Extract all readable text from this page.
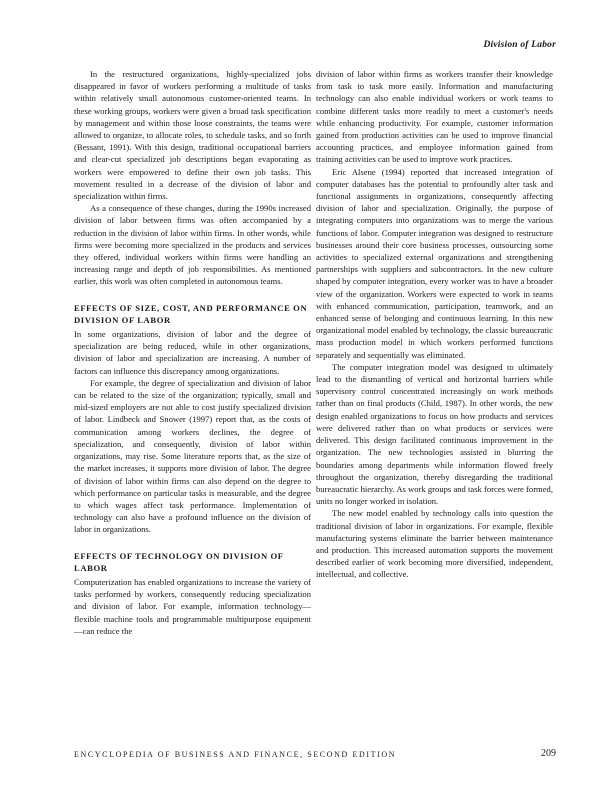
Division of Labor

In the restructured organizations, highly-specialized jobs disappeared in favor of workers performing a multitude of tasks within relatively small autonomous customer-oriented teams. In these working groups, workers were given a broad task specification by management and within those loose constraints, the teams were allowed to organize, to allocate roles, to schedule tasks, and so forth (Bessant, 1991). With this design, traditional occupational barriers and clear-cut specialized job descriptions began evaporating as workers were empowered to define their own job tasks. This movement resulted in a decrease of the division of labor and specialization within firms.

As a consequence of these changes, during the 1990s increased division of labor between firms was often accompanied by a reduction in the division of labor within firms. In other words, while firms were becoming more specialized in the products and services they offered, individual workers within firms were handling an increasing range and depth of job responsibilities. As mentioned earlier, this work was often completed in autonomous teams.

EFFECTS OF SIZE, COST, AND PERFORMANCE ON DIVISION OF LABOR

In some organizations, division of labor and the degree of specialization are being reduced, while in other organizations, division of labor and specialization are increasing. A number of factors can influence this discrepancy among organizations.

For example, the degree of specialization and division of labor can be related to the size of the organization; typically, small and mid-sized employers are not able to cost justify specialized division of labor. Lindbeck and Snower (1997) report that, as the costs of communication among workers declines, the degree of specialization, and consequently, division of labor within organizations, may rise. Some literature reports that, as the size of the market increases, it supports more division of labor. The degree of division of labor within firms can also depend on the degree to which performance on particular tasks is measurable, and the degree to which wages affect task performance. Implementation of technology can also have a profound influence on the division of labor in organizations.

EFFECTS OF TECHNOLOGY ON DIVISION OF LABOR

Computerization has enabled organizations to increase the variety of tasks performed by workers, consequently reducing specialization and division of labor. For example, information technology—flexible machine tools and programmable multipurpose equipment—can reduce the

division of labor within firms as workers transfer their knowledge from task to task more easily. Information and manufacturing technology can also enable individual workers or work teams to combine different tasks more readily to meet a customer's needs while enhancing productivity. For example, customer information gained from production activities can be used to improve financial accounting practices, and employee information gained from training activities can be used to improve work practices.

Eric Alsene (1994) reported that increased integration of computer databases has the potential to profoundly alter task and functional assignments in organizations, consequently affecting division of labor and specialization. Originally, the purpose of integrating computers into organizations was to merge the various functions of labor. Computer integration was designed to restructure businesses around their core business processes, outsourcing some activities to specialized external organizations and strengthening partnerships with suppliers and subcontractors. In the new culture shaped by computer integration, every worker was to have a broader view of the organization. Workers were expected to work in teams with enhanced communication, participation, teamwork, and an enhanced sense of belonging and continuous learning. In this new organizational model enabled by technology, the classic bureaucratic mass production model in which workers performed functions separately and sequentially was eliminated.

The computer integration model was designed to ultimately lead to the dismantling of vertical and horizontal barriers while supervisory control concentrated increasingly on work methods rather than on final products (Child, 1987). In other words, the new design enabled organizations to focus on how products and services were delivered rather than on what products or services were delivered. This design facilitated continuous improvement in the organization. The new technologies assisted in blurring the boundaries among departments while information flowed freely throughout the organization, thereby disregarding the traditional bureaucratic hierarchy. As work groups and task forces were formed, units no longer worked in isolation.

The new model enabled by technology calls into question the traditional division of labor in organizations. For example, flexible manufacturing systems eliminate the barrier between maintenance and production. This increased automation supports the movement described earlier of work becoming more diversified, independent, intellectual, and collective.

ENCYCLOPEDIA OF BUSINESS AND FINANCE, SECOND EDITION	209
